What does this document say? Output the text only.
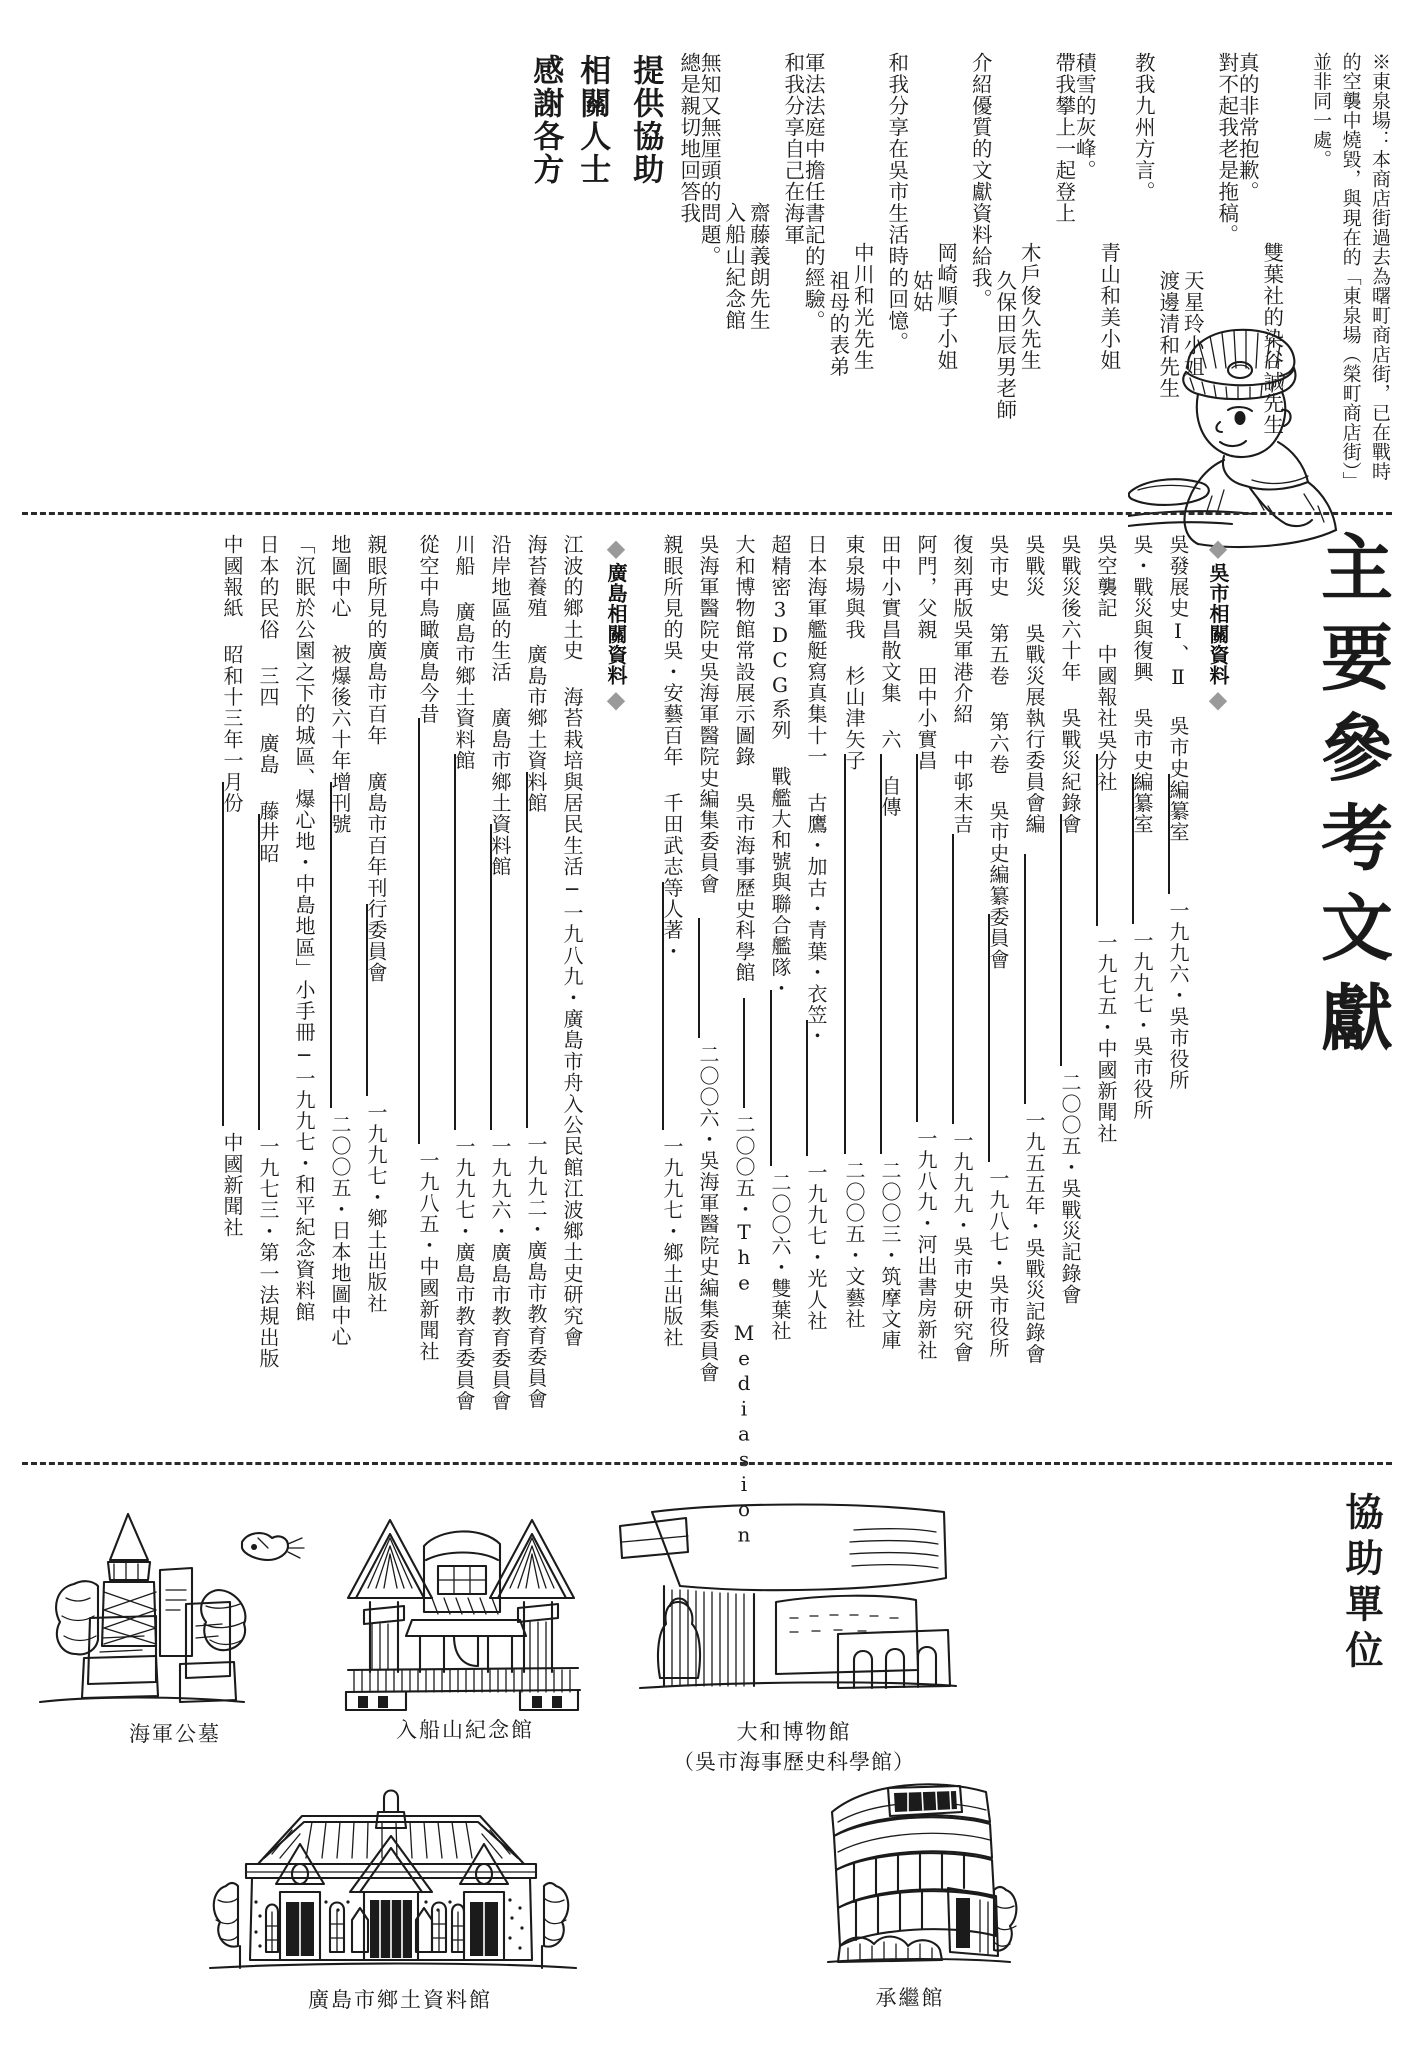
感謝各方 相關人士 提供協助 總是親切地回答我
無知又無厘頭的問題。 入船山紀念館 齋藤義朗先生
和我分享自己在海軍
軍法法庭中擔任書記的經驗。 祖母的表弟 中川和光先生 和我分享在吳市生活時的回憶。 姑姑 岡崎順子小姐 介紹優質的文獻資料給我。
久保田辰男老師 木戶俊久先生
帶我攀上一起登上
積雪的灰峰。
青山和美小姐
教我九州方言。
渡邊清和先生 天星玲小姐
對不起我老是拖稿。
真的非常抱歉。
雙葉社的染谷誠先生	※東泉場：本商店街過去為曙町商店街，已在戰時的空襲中燒毀，與現在的「東泉場（榮町商店街）」並非同一處。
主要參考文獻
◆吳市相關資料◆
吳發展史Ⅰ、Ⅱ 吳市史編纂室
一九九六・吳市役所
吳・戰災與復興 吳市史編纂室
一九九七・吳市役所
吳空襲記 中國報社吳分社
一九七五・中國新聞社
吳戰災後六十年 吳戰災紀錄會
二〇〇五・吳戰災記錄會
吳戰災 吳戰災展執行委員會編
一九五五年・吳戰災記錄會
吳市史 第五卷 第六卷 吳市史編纂委員會
一九八七・吳市役所
復刻再版吳軍港介紹 中邨末吉
一九九九・吳市史研究會
阿門，父親 田中小實昌
一九八九・河出書房新社
田中小實昌散文集 六 自傳
二〇〇三・筑摩文庫
東泉場與我 杉山津矢子
二〇〇五・文藝社
日本海軍艦艇寫真集十一 古鷹・加古・青葉・衣笠・
一九九七・光人社
超精密3DCG系列 戰艦大和號與聯合艦隊・
二〇〇六・雙葉社
大和博物館常設展示圖錄 吳市海事歷史科學館
二〇〇五・The Mediasion
吳海軍醫院史吳海軍醫院史編集委員會
二〇〇六・吳海軍醫院史編集委員會
親眼所見的吳・安藝百年 千田武志等人著・
一九九七・鄉土出版社
◆廣島相關資料◆
江波的鄉土史 海苔栽培與居民生活─一九八九・廣島市舟入公民館江波鄉土史研究會
海苔養殖 廣島市鄉土資料館
一九九二・廣島市教育委員會
沿岸地區的生活 廣島市鄉土資料館
一九九六・廣島市教育委員會
川船 廣島市鄉土資料館
一九九七・廣島市教育委員會
從空中鳥瞰廣島今昔
一九八五・中國新聞社
親眼所見的廣島市百年 廣島市百年刊行委員會
一九九七・鄉土出版社
地圖中心 被爆後六十年增刊號
二〇〇五・日本地圖中心
「沉眠於公園之下的城區、爆心地・中島地區」小手冊─一九九七・和平紀念資料館
日本的民俗 三四 廣島 藤井昭
一九七三・第一法規出版
中國報紙 昭和十三年一月份
中國新聞社
協助單位
海軍公墓	入船山紀念館	大和博物館
（吳市海事歷史科學館）
廣島市鄉土資料館	承繼館
